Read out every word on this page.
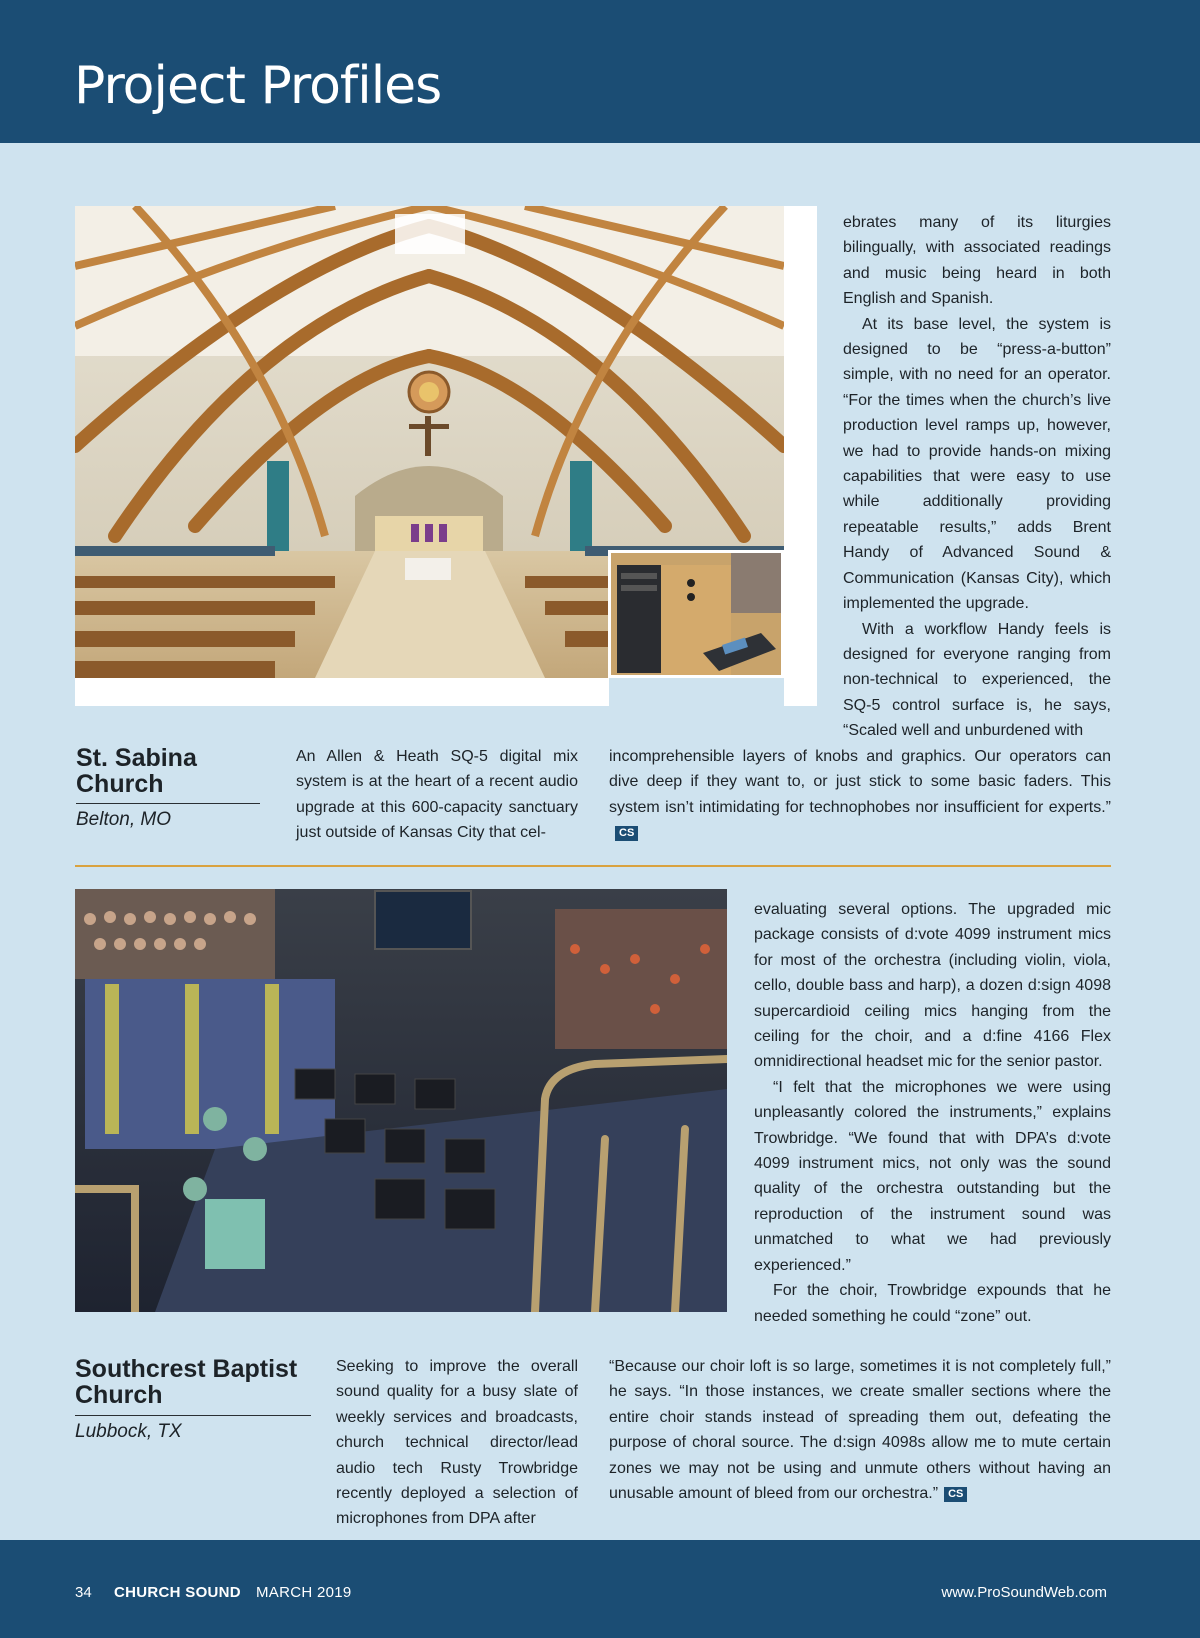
Project Profiles

ebrates many of its liturgies bilingually, with associated readings and music being heard in both English and Spanish.

At its base level, the system is designed to be “press-a-button” simple, with no need for an operator. “For the times when the church’s live production level ramps up, however, we had to provide hands-on mixing capabilities that were easy to use while additionally providing repeatable results,” adds Brent Handy of Advanced Sound & Communication (Kansas City), which implemented the upgrade.

With a workflow Handy feels is designed for everyone ranging from non-technical to experienced, the SQ-5 control surface is, he says, “Scaled well and unburdened with

St. Sabina Church
Belton, MO
An Allen & Heath SQ-5 digital mix system is at the heart of a recent audio upgrade at this 600-capacity sanctuary just outside of Kansas City that cel-
incomprehensible layers of knobs and graphics. Our operators can dive deep if they want to, or just stick to some basic faders. This system isn’t intimidating for technophobes nor insufficient for experts.”CS

evaluating several options. The upgraded mic package consists of d:vote 4099 instrument mics for most of the orchestra (including violin, viola, cello, double bass and harp), a dozen d:sign 4098 supercardioid ceiling mics hanging from the ceiling for the choir, and a d:fine 4166 Flex omnidirectional headset mic for the senior pastor.

“I felt that the microphones we were using unpleasantly colored the instruments,” explains Trowbridge. “We found that with DPA’s d:vote 4099 instrument mics, not only was the sound quality of the orchestra outstanding but the reproduction of the instrument sound was unmatched to what we had previously experienced.”

For the choir, Trowbridge expounds that he needed something he could “zone” out.

Southcrest Baptist Church
Lubbock, TX
Seeking to improve the overall sound quality for a busy slate of weekly services and broadcasts, church technical director/lead audio tech Rusty Trowbridge recently deployed a selection of microphones from DPA after
“Because our choir loft is so large, sometimes it is not completely full,” he says. “In those instances, we create smaller sections where the entire choir stands instead of spreading them out, defeating the purpose of choral source. The d:sign 4098s allow me to mute certain zones we may not be using and unmute others without having an unusable amount of bleed from our orchestra.” CS
34 CHURCH SOUND MARCH 2019	www.ProSoundWeb.com
